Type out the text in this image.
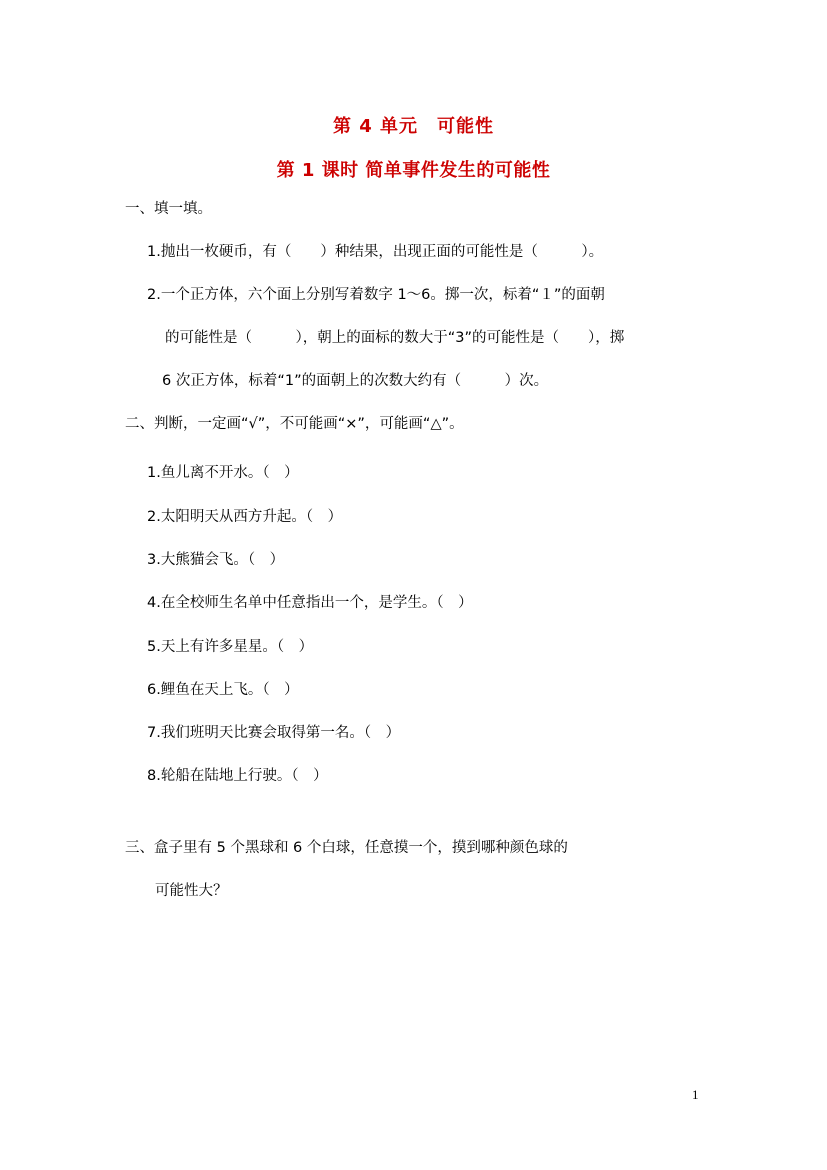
第 4 单元　可能性
第 1 课时 简单事件发生的可能性
一、填一填。
1.抛出一枚硬币，有（　　）种结果，出现正面的可能性是（　　　）。
2.一个正方体，六个面上分别写着数字 1～6。掷一次，标着“１”的面朝
的可能性是（　　　），朝上的面标的数大于“3”的可能性是（　　），掷
6 次正方体，标着“1”的面朝上的次数大约有（　　　）次。
二、判断，一定画“√”，不可能画“×”，可能画“△”。
1.鱼儿离不开水。（　）
2.太阳明天从西方升起。（　）
3.大熊猫会飞。（　）
4.在全校师生名单中任意指出一个，是学生。（　）
5.天上有许多星星。（　）
6.鲤鱼在天上飞。（　）
7.我们班明天比赛会取得第一名。（　）
8.轮船在陆地上行驶。（　）
三、盒子里有 5 个黑球和 6 个白球，任意摸一个，摸到哪种颜色球的
可能性大？
1
